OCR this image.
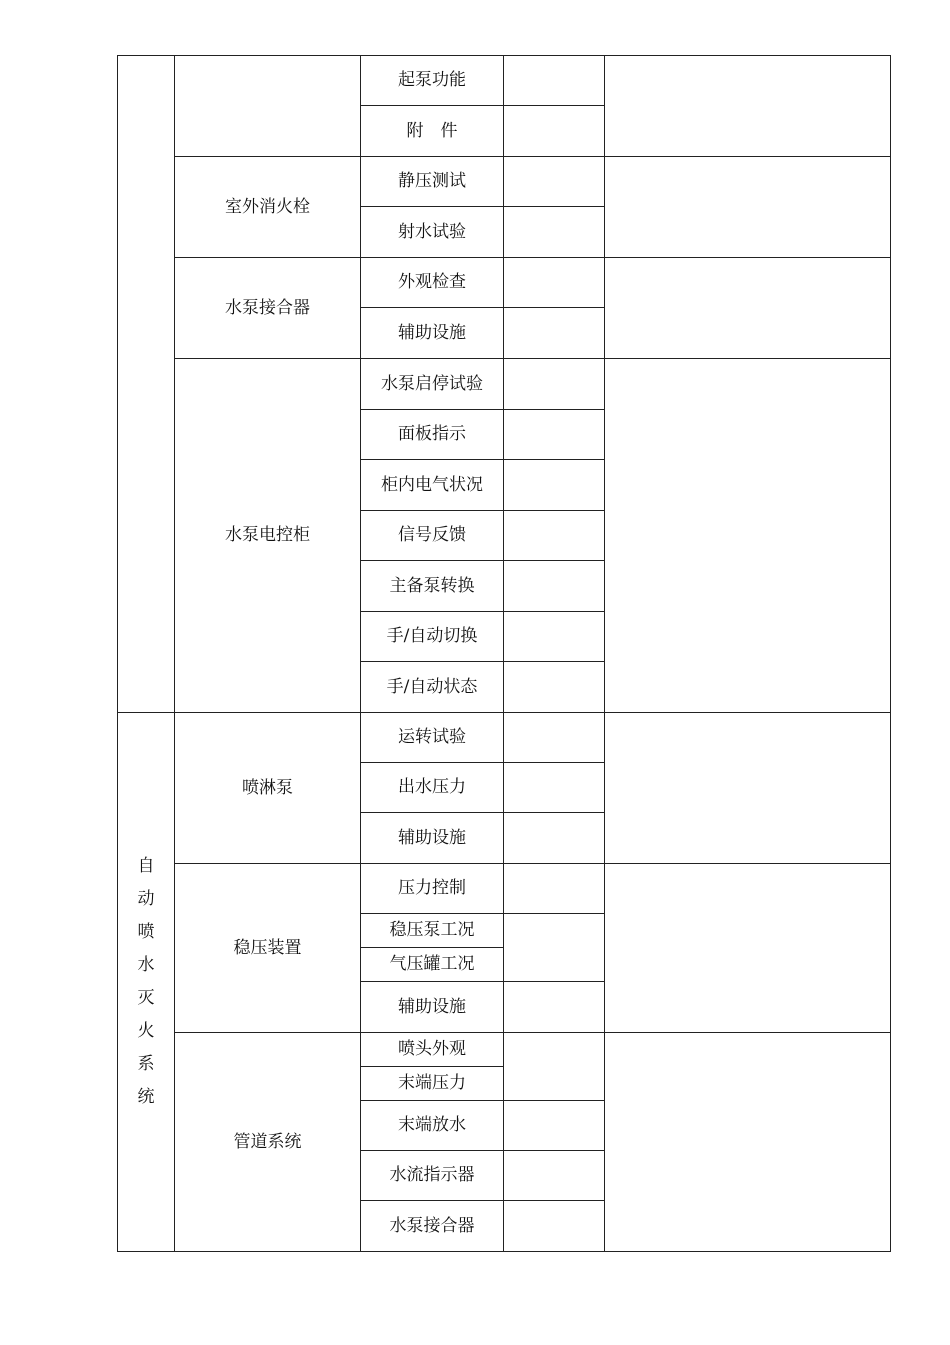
自
动
喷
水
灭
火
系
统
室外消火栓
水泵接合器
水泵电控柜
喷淋泵
稳压装置
管道系统
起泵功能
附　件
静压测试
射水试验
外观检查
辅助设施
水泵启停试验
面板指示
柜内电气状况
信号反馈
主备泵转换
手/自动切换
手/自动状态
运转试验
出水压力
辅助设施
压力控制
稳压泵工况
气压罐工况
辅助设施
喷头外观
末端压力
末端放水
水流指示器
水泵接合器
